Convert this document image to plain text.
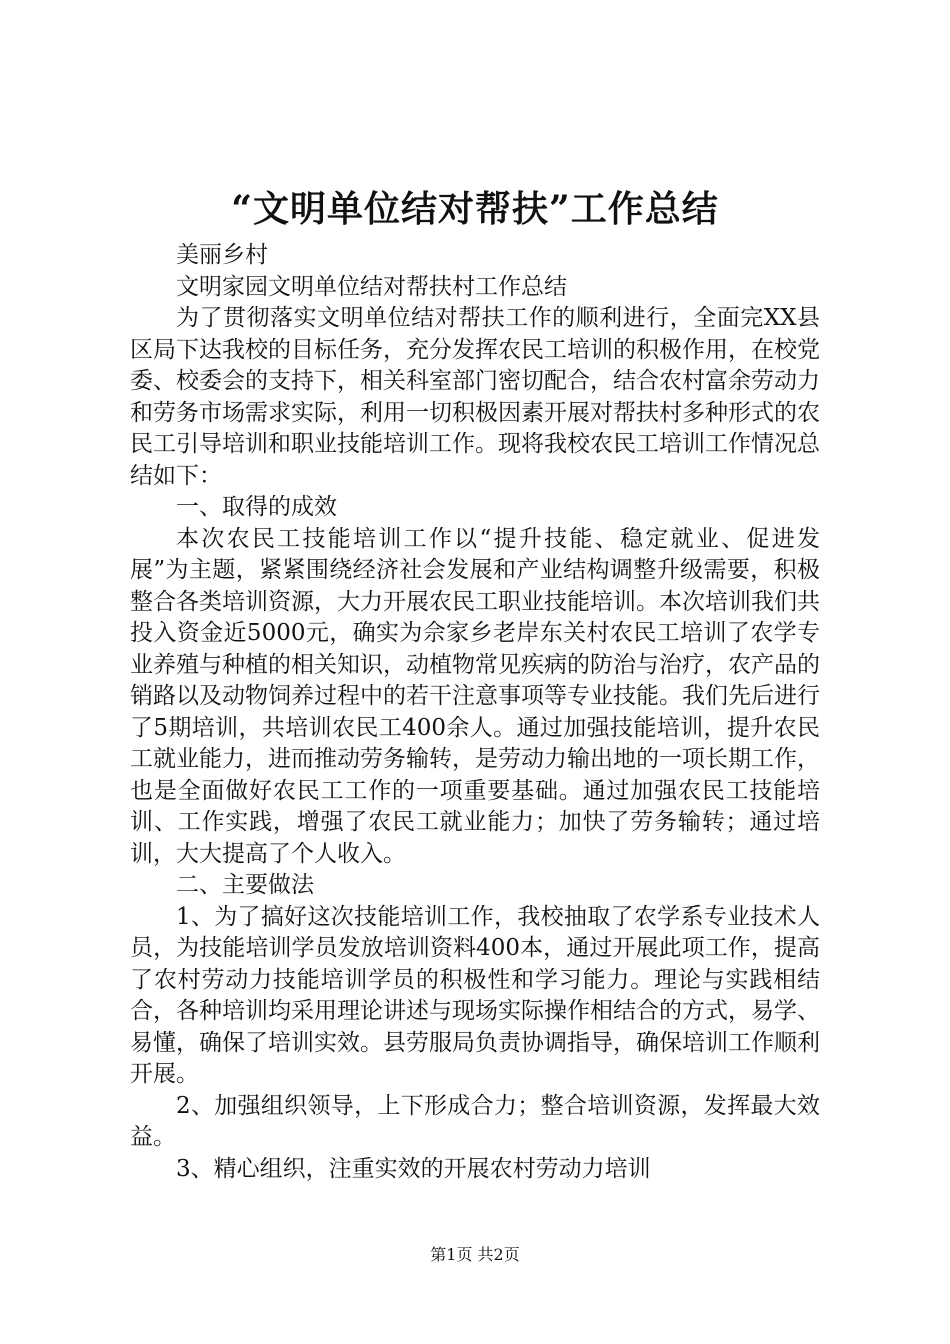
“文明单位结对帮扶”工作总结

美丽乡村

文明家园文明单位结对帮扶村工作总结

为了贯彻落实文明单位结对帮扶工作的顺利进行，全面完XX县区局下达我校的目标任务，充分发挥农民工培训的积极作用，在校党委、校委会的支持下，相关科室部门密切配合，结合农村富余劳动力和劳务市场需求实际，利用一切积极因素开展对帮扶村多种形式的农民工引导培训和职业技能培训工作。现将我校农民工培训工作情况总结如下：

一、取得的成效

本次农民工技能培训工作以“提升技能、稳定就业、促进发展”为主题，紧紧围绕经济社会发展和产业结构调整升级需要，积极整合各类培训资源，大力开展农民工职业技能培训。本次培训我们共投入资金近5000元，确实为佘家乡老岸东关村农民工培训了农学专业养殖与种植的相关知识，动植物常见疾病的防治与治疗，农产品的销路以及动物饲养过程中的若干注意事项等专业技能。我们先后进行了5期培训，共培训农民工400余人。通过加强技能培训，提升农民工就业能力，进而推动劳务输转，是劳动力输出地的一项长期工作，也是全面做好农民工工作的一项重要基础。通过加强农民工技能培训、工作实践，增强了农民工就业能力；加快了劳务输转；通过培训，大大提高了个人收入。

二、主要做法

1、为了搞好这次技能培训工作，我校抽取了农学系专业技术人员，为技能培训学员发放培训资料400本，通过开展此项工作，提高了农村劳动力技能培训学员的积极性和学习能力。理论与实践相结合，各种培训均采用理论讲述与现场实际操作相结合的方式，易学、易懂，确保了培训实效。县劳服局负责协调指导，确保培训工作顺利开展。

2、加强组织领导，上下形成合力；整合培训资源，发挥最大效益。

3、精心组织，注重实效的开展农村劳动力培训

第1页 共2页
